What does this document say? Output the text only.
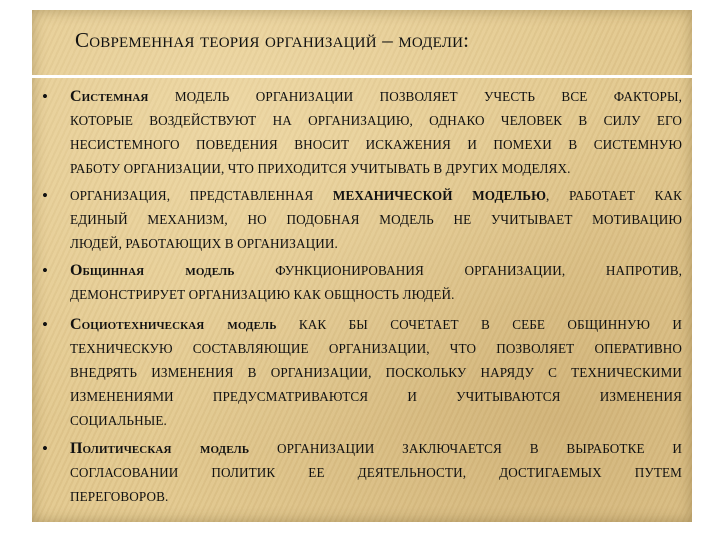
Современная теория организаций – модели:
• Системная МОДЕЛЬ ОРГАНИЗАЦИИ ПОЗВОЛЯЕТ УЧЕСТЬ ВСЕ ФАКТОРЫ,
КОТОРЫЕ ВОЗДЕЙСТВУЮТ НА ОРГАНИЗАЦИЮ, ОДНАКО ЧЕЛОВЕК В СИЛУ ЕГО
НЕСИСТЕМНОГО ПОВЕДЕНИЯ ВНОСИТ ИСКАЖЕНИЯ И ПОМЕХИ В СИСТЕМНУЮ
РАБОТУ ОРГАНИЗАЦИИ, ЧТО ПРИХОДИТСЯ УЧИТЫВАТЬ В ДРУГИХ МОДЕЛЯХ.
• ОРГАНИЗАЦИЯ, ПРЕДСТАВЛЕННАЯ МЕХАНИЧЕСКОЙ МОДЕЛЬЮ, РАБОТАЕТ КАК
ЕДИНЫЙ МЕХАНИЗМ, НО ПОДОБНАЯ МОДЕЛЬ НЕ УЧИТЫВАЕТ МОТИВАЦИЮ
ЛЮДЕЙ, РАБОТАЮЩИХ В ОРГАНИЗАЦИИ.
• Общинная модель ФУНКЦИОНИРОВАНИЯ ОРГАНИЗАЦИИ, НАПРОТИВ,
ДЕМОНСТРИРУЕТ ОРГАНИЗАЦИЮ КАК ОБЩНОСТЬ ЛЮДЕЙ.
• Социотехническая модель КАК БЫ СОЧЕТАЕТ В СЕБЕ ОБЩИННУЮ И
ТЕХНИЧЕСКУЮ СОСТАВЛЯЮЩИЕ ОРГАНИЗАЦИИ, ЧТО ПОЗВОЛЯЕТ ОПЕРАТИВНО
ВНЕДРЯТЬ ИЗМЕНЕНИЯ В ОРГАНИЗАЦИИ, ПОСКОЛЬКУ НАРЯДУ С ТЕХНИЧЕСКИМИ
ИЗМЕНЕНИЯМИ ПРЕДУСМАТРИВАЮТСЯ И УЧИТЫВАЮТСЯ ИЗМЕНЕНИЯ
СОЦИАЛЬНЫЕ.
• Политическая модель ОРГАНИЗАЦИИ ЗАКЛЮЧАЕТСЯ В ВЫРАБОТКЕ И
СОГЛАСОВАНИИ ПОЛИТИК ЕЕ ДЕЯТЕЛЬНОСТИ, ДОСТИГАЕМЫХ ПУТЕМ
ПЕРЕГОВОРОВ.
